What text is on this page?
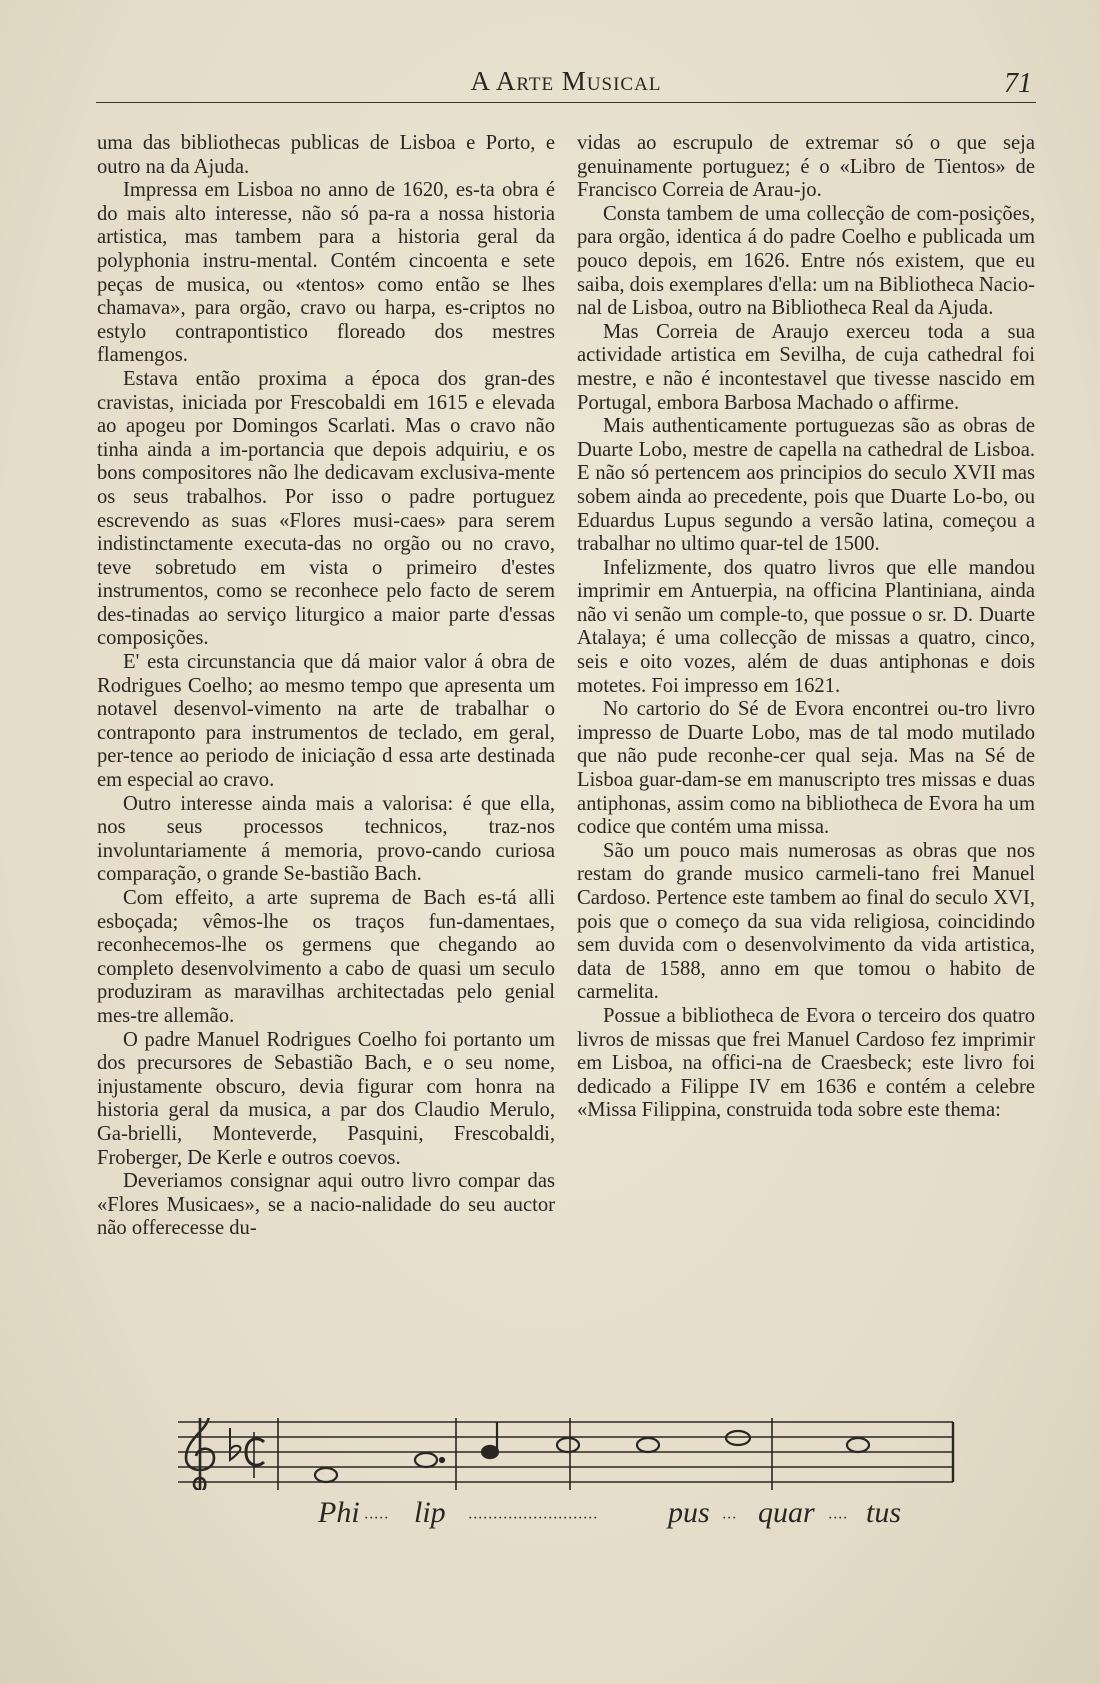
A Arte Musical	71

uma das bibliothecas publicas de Lisboa e Porto, e outro na da Ajuda.

Impressa em Lisboa no anno de 1620, es-ta obra é do mais alto interesse, não só pa-ra a nossa historia artistica, mas tambem para a historia geral da polyphonia instru-mental. Contém cincoenta e sete peças de musica, ou «tentos» como então se lhes chamava», para orgão, cravo ou harpa, es-criptos no estylo contrapontistico floreado dos mestres flamengos.

Estava então proxima a época dos gran-des cravistas, iniciada por Frescobaldi em 1615 e elevada ao apogeu por Domingos Scarlati. Mas o cravo não tinha ainda a im-portancia que depois adquiriu, e os bons compositores não lhe dedicavam exclusiva-mente os seus trabalhos. Por isso o padre portuguez escrevendo as suas «Flores musi-caes» para serem indistinctamente executa-das no orgão ou no cravo, teve sobretudo em vista o primeiro d'estes instrumentos, como se reconhece pelo facto de serem des-tinadas ao serviço liturgico a maior parte d'essas composições.

E' esta circunstancia que dá maior valor á obra de Rodrigues Coelho; ao mesmo tempo que apresenta um notavel desenvol-vimento na arte de trabalhar o contraponto para instrumentos de teclado, em geral, per-tence ao periodo de iniciação d essa arte destinada em especial ao cravo.

Outro interesse ainda mais a valorisa: é que ella, nos seus processos technicos, traz-nos involuntariamente á memoria, provo-cando curiosa comparação, o grande Se-bastião Bach.

Com effeito, a arte suprema de Bach es-tá alli esboçada; vêmos-lhe os traços fun-damentaes, reconhecemos-lhe os germens que chegando ao completo desenvolvimento a cabo de quasi um seculo produziram as maravilhas architectadas pelo genial mes-tre allemão.

O padre Manuel Rodrigues Coelho foi portanto um dos precursores de Sebastião Bach, e o seu nome, injustamente obscuro, devia figurar com honra na historia geral da musica, a par dos Claudio Merulo, Ga-brielli, Monteverde, Pasquini, Frescobaldi, Froberger, De Kerle e outros coevos.

Deveriamos consignar aqui outro livro compar das «Flores Musicaes», se a nacio-nalidade do seu auctor não offerecesse du-

vidas ao escrupulo de extremar só o que seja genuinamente portuguez; é o «Libro de Tientos» de Francisco Correia de Arau-jo.

Consta tambem de uma collecção de com-posições, para orgão, identica á do padre Coelho e publicada um pouco depois, em 1626. Entre nós existem, que eu saiba, dois exemplares d'ella: um na Bibliotheca Nacio-nal de Lisboa, outro na Bibliotheca Real da Ajuda.

Mas Correia de Araujo exerceu toda a sua actividade artistica em Sevilha, de cuja cathedral foi mestre, e não é incontestavel que tivesse nascido em Portugal, embora Barbosa Machado o affirme.

Mais authenticamente portuguezas são as obras de Duarte Lobo, mestre de capella na cathedral de Lisboa. E não só pertencem aos principios do seculo XVII mas sobem ainda ao precedente, pois que Duarte Lo-bo, ou Eduardus Lupus segundo a versão latina, começou a trabalhar no ultimo quar-tel de 1500.

Infelizmente, dos quatro livros que elle mandou imprimir em Antuerpia, na officina Plantiniana, ainda não vi senão um comple-to, que possue o sr. D. Duarte Atalaya; é uma collecção de missas a quatro, cinco, seis e oito vozes, além de duas antiphonas e dois motetes. Foi impresso em 1621.

No cartorio do Sé de Evora encontrei ou-tro livro impresso de Duarte Lobo, mas de tal modo mutilado que não pude reconhe-cer qual seja. Mas na Sé de Lisboa guar-dam-se em manuscripto tres missas e duas antiphonas, assim como na bibliotheca de Evora ha um codice que contém uma missa.

São um pouco mais numerosas as obras que nos restam do grande musico carmeli-tano frei Manuel Cardoso. Pertence este tambem ao final do seculo XVI, pois que o começo da sua vida religiosa, coincidindo sem duvida com o desenvolvimento da vida artistica, data de 1588, anno em que tomou o habito de carmelita.

Possue a bibliotheca de Evora o terceiro dos quatro livros de missas que frei Manuel Cardoso fez imprimir em Lisboa, na offici-na de Craesbeck; este livro foi dedicado a Filippe IV em 1636 e contém a celebre «Missa Filippina, construida toda sobre este thema:

Phi ····· lip ·························· pus ··· quar ···· tus
